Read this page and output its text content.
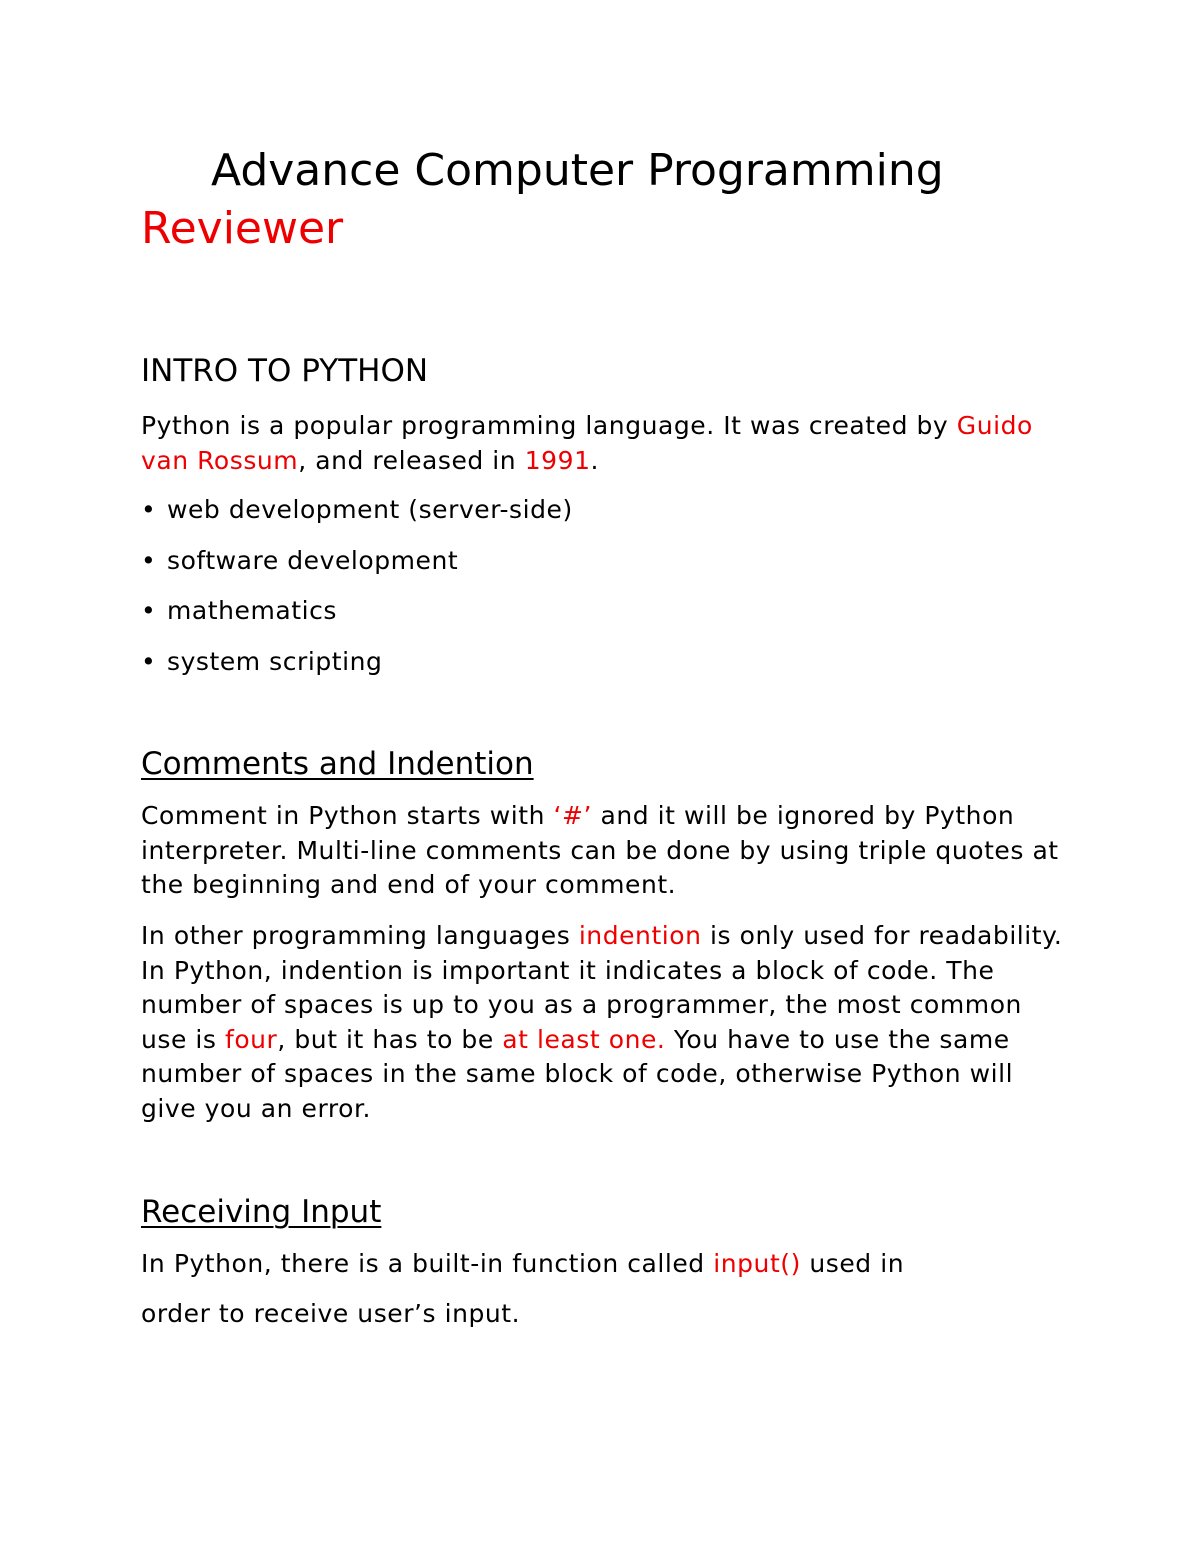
Advance Computer Programming
Reviewer
INTRO TO PYTHON

Python is a popular programming language. It was created by Guido van Rossum, and released in 1991.

• web development (server-side)
• software development
• mathematics
• system scripting
Comments and Indention

Comment in Python starts with ‘#’ and it will be ignored by Python interpreter. Multi-line comments can be done by using triple quotes at the beginning and end of your comment.

In other programming languages indention is only used for readability. In Python, indention is important it indicates a block of code. The number of spaces is up to you as a programmer, the most common use is four, but it has to be at least one. You have to use the same number of spaces in the same block of code, otherwise Python will give you an error.

Receiving Input

In Python, there is a built-in function called input() used in

order to receive user’s input.
